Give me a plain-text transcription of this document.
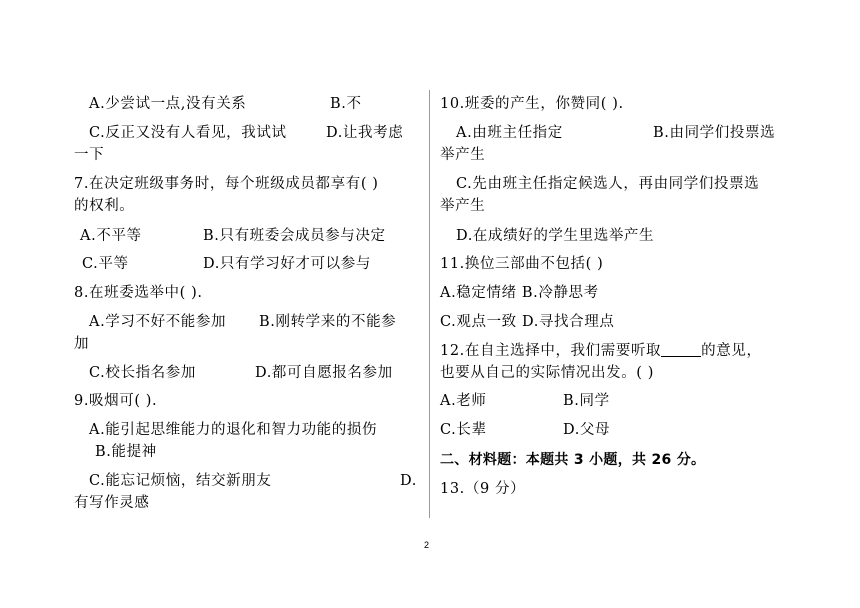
A.少尝试一点,没有关系	B.不
C.反正又没有人看见，我试试	D.让我考虑
一下
7.在决定班级事务时，每个班级成员都享有( )
的权利。
A.不平等	B.只有班委会成员参与决定
C.平等	D.只有学习好才可以参与
8.在班委选举中( ).
A.学习不好不能参加 B.刚转学来的不能参
加
C.校长指名参加	D.都可自愿报名参加
9.吸烟可( ).
A.能引起思维能力的退化和智力功能的损伤
B.能提神
C.能忘记烦恼，结交新朋友	D.
有写作灵感
10.班委的产生，你赞同( ).
A.由班主任指定	B.由同学们投票选
举产生
C.先由班主任指定候选人，再由同学们投票选
举产生
D.在成绩好的学生里选举产生
11.换位三部曲不包括( )
A.稳定情绪 B.冷静思考
C.观点一致 D.寻找合理点
12.在自主选择中，我们需要听取	的意见，
也要从自己的实际情况出发。( )
A.老师	B.同学
C.长辈	D.父母
二、材料题：本题共 3 小题，共 26 分。
13.（9 分）
2
